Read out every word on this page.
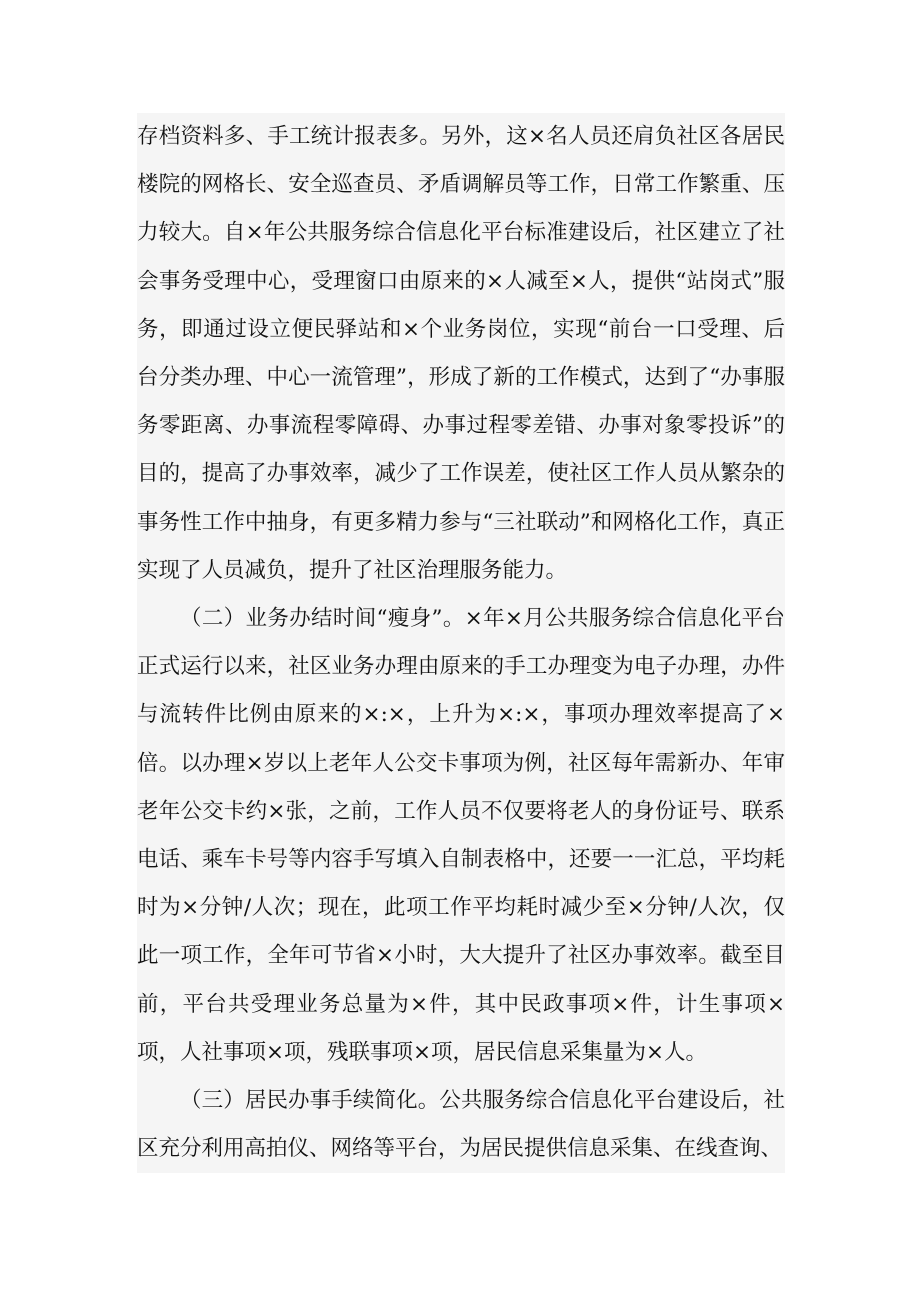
存档资料多、手工统计报表多。另外，这×名人员还肩负社区各居民楼院的网格长、安全巡查员、矛盾调解员等工作，日常工作繁重、压力较大。自×年公共服务综合信息化平台标准建设后，社区建立了社会事务受理中心，受理窗口由原来的×人减至×人，提供“站岗式”服务，即通过设立便民驿站和×个业务岗位，实现“前台一口受理、后台分类办理、中心一流管理”，形成了新的工作模式，达到了“办事服务零距离、办事流程零障碍、办事过程零差错、办事对象零投诉”的目的，提高了办事效率，减少了工作误差，使社区工作人员从繁杂的事务性工作中抽身，有更多精力参与“三社联动”和网格化工作，真正实现了人员减负，提升了社区治理服务能力。

（二）业务办结时间“瘦身”。×年×月公共服务综合信息化平台正式运行以来，社区业务办理由原来的手工办理变为电子办理，办件与流转件比例由原来的×:×，上升为×:×，事项办理效率提高了×倍。以办理×岁以上老年人公交卡事项为例，社区每年需新办、年审老年公交卡约×张，之前，工作人员不仅要将老人的身份证号、联系电话、乘车卡号等内容手写填入自制表格中，还要一一汇总，平均耗时为×分钟/人次；现在，此项工作平均耗时减少至×分钟/人次，仅此一项工作，全年可节省×小时，大大提升了社区办事效率。截至目前，平台共受理业务总量为×件，其中民政事项×件，计生事项×项，人社事项×项，残联事项×项，居民信息采集量为×人。

（三）居民办事手续简化。公共服务综合信息化平台建设后，社区充分利用高拍仪、网络等平台，为居民提供信息采集、在线查询、
